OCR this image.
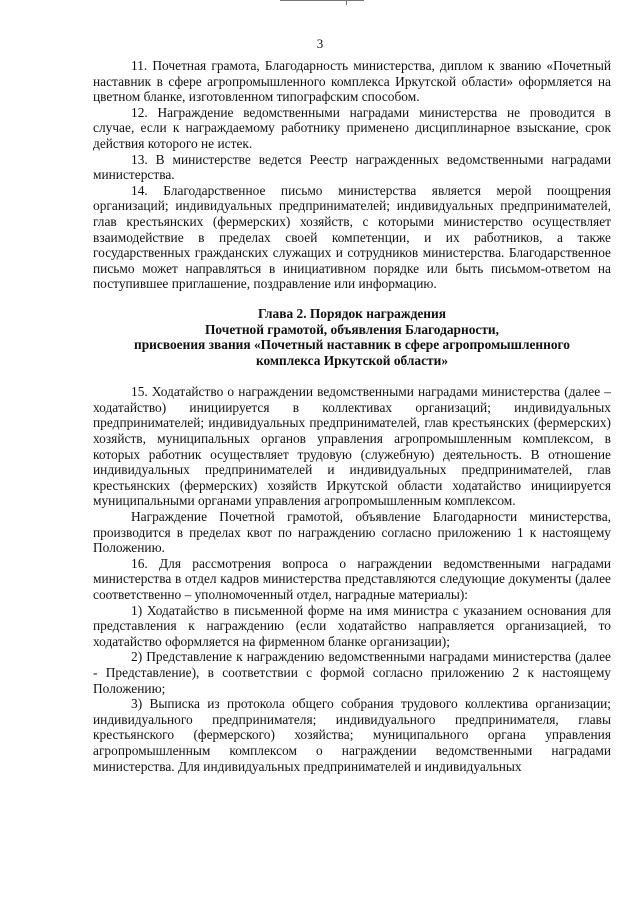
3

11. Почетная грамота, Благодарность министерства, диплом к званию «Почетный наставник в сфере агропромышленного комплекса Иркутской области» оформляется на цветном бланке, изготовленном типографским способом.

12. Награждение ведомственными наградами министерства не проводится в случае, если к награждаемому работнику применено дисциплинарное взыскание, срок действия которого не истек.

13. В министерстве ведется Реестр награжденных ведомственными наградами министерства.

14. Благодарственное письмо министерства является мерой поощрения организаций; индивидуальных предпринимателей; индивидуальных предпринимателей, глав крестьянских (фермерских) хозяйств, с которыми министерство осуществляет взаимодействие в пределах своей компетенции, и их работников, а также государственных гражданских служащих и сотрудников министерства. Благодарственное письмо может направляться в инициативном порядке или быть письмом-ответом на поступившее приглашение, поздравление или информацию.

Глава 2. Порядок награждения
Почетной грамотой, объявления Благодарности,
присвоения звания «Почетный наставник в сфере агропромышленного
комплекса Иркутской области»

15. Ходатайство о награждении ведомственными наградами министерства (далее – ходатайство) инициируется в коллективах организаций; индивидуальных предпринимателей; индивидуальных предпринимателей, глав крестьянских (фермерских) хозяйств, муниципальных органов управления агропромышленным комплексом, в которых работник осуществляет трудовую (служебную) деятельность. В отношение индивидуальных предпринимателей и индивидуальных предпринимателей, глав крестьянских (фермерских) хозяйств Иркутской области ходатайство инициируется муниципальными органами управления агропромышленным комплексом.

Награждение Почетной грамотой, объявление Благодарности министерства, производится в пределах квот по награждению согласно приложению 1 к настоящему Положению.

16. Для рассмотрения вопроса о награждении ведомственными наградами министерства в отдел кадров министерства представляются следующие документы (далее соответственно – уполномоченный отдел, наградные материалы):

1) Ходатайство в письменной форме на имя министра с указанием основания для представления к награждению (если ходатайство направляется организацией, то ходатайство оформляется на фирменном бланке организации);

2) Представление к награждению ведомственными наградами министерства (далее - Представление), в соответствии с формой согласно приложению 2 к настоящему Положению;

3) Выписка из протокола общего собрания трудового коллектива организации; индивидуального предпринимателя; индивидуального предпринимателя, главы крестьянского (фермерского) хозяйства; муниципального органа управления агропромышленным комплексом о награждении ведомственными наградами министерства. Для индивидуальных предпринимателей и индивидуальных
